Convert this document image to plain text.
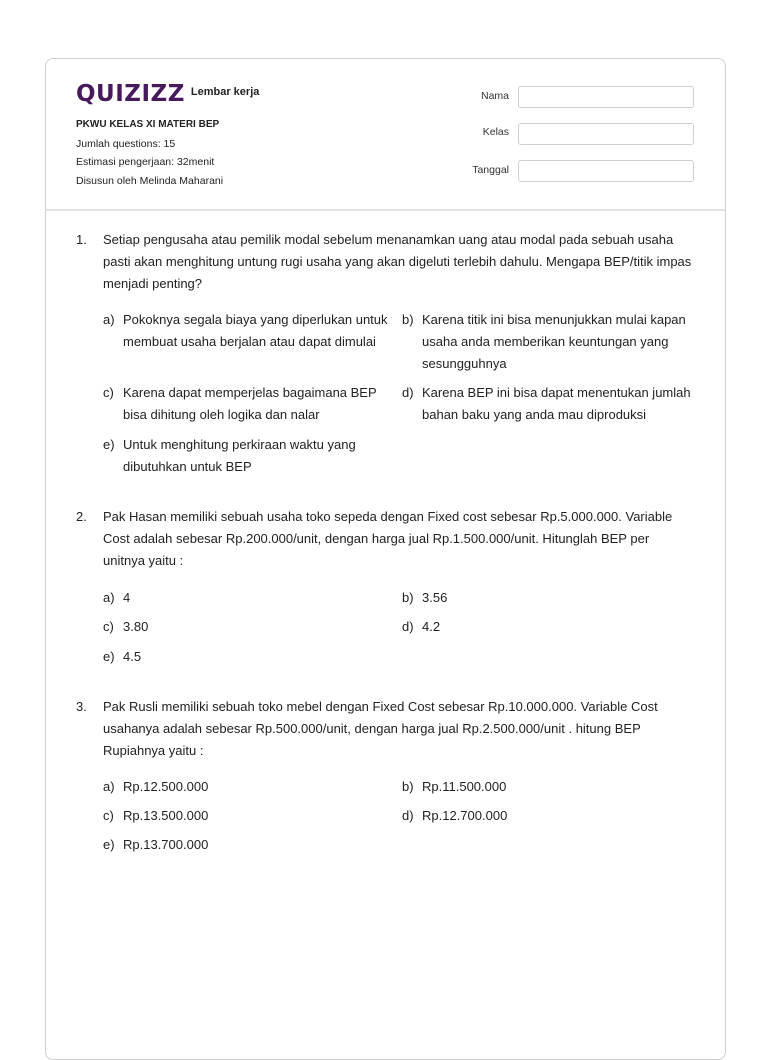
QUIZIZZ Lembar kerja
PKWU KELAS XI MATERI BEP
Jumlah questions: 15
Estimasi pengerjaan: 32menit
Disusun oleh Melinda Maharani
Nama
Kelas
Tanggal
1. Setiap pengusaha atau pemilik modal sebelum menanamkan uang atau modal pada sebuah usaha pasti akan menghitung untung rugi usaha yang akan digeluti terlebih dahulu. Mengapa BEP/titik impas menjadi penting?
a) Pokoknya segala biaya yang diperlukan untuk membuat usaha berjalan atau dapat dimulai
b) Karena titik ini bisa menunjukkan mulai kapan usaha anda memberikan keuntungan yang sesungguhnya
c) Karena dapat memperjelas bagaimana BEP bisa dihitung oleh logika dan nalar
d) Karena BEP ini bisa dapat menentukan jumlah bahan baku yang anda mau diproduksi
e) Untuk menghitung perkiraan waktu yang dibutuhkan untuk BEP
2. Pak Hasan memiliki sebuah usaha toko sepeda dengan Fixed cost sebesar Rp.5.000.000. Variable Cost adalah sebesar Rp.200.000/unit, dengan harga jual Rp.1.500.000/unit. Hitunglah BEP per unitnya yaitu :
a) 4	b) 3.56
c) 3.80	d) 4.2
e) 4.5
3. Pak Rusli memiliki sebuah toko mebel dengan Fixed Cost sebesar Rp.10.000.000. Variable Cost usahanya adalah sebesar Rp.500.000/unit, dengan harga jual Rp.2.500.000/unit . hitung BEP Rupiahnya yaitu :
a) Rp.12.500.000	b) Rp.11.500.000
c) Rp.13.500.000	d) Rp.12.700.000
e) Rp.13.700.000
